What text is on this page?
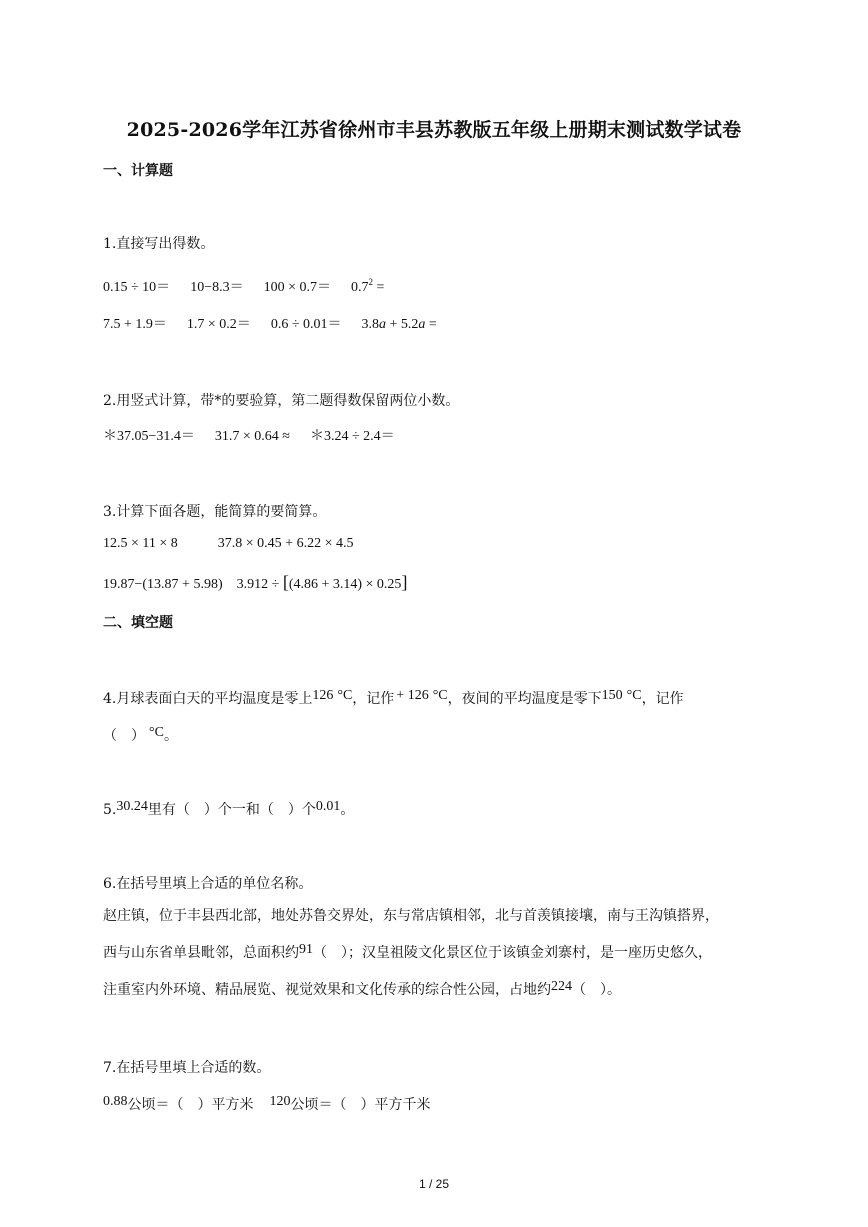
2025-2026学年江苏省徐州市丰县苏教版五年级上册期末测试数学试卷
一、计算题
1.直接写出得数。
$0.15 \div 10= 10-8.3= 100 \times 0.7= 0.7^2$ =
7.5 + 1.9＝ 1.7 × 0.2＝ 0.6 ÷ 0.01＝ 3.8a + 5.2a =
2.用竖式计算，带*的要验算，第二题得数保留两位小数。
＊37.05−31.4＝ 31.7 × 0.64 ≈ ＊3.24 ÷ 2.4＝
3.计算下面各题，能简算的要简算。
12.5 × 11 × 8	37.8 × 0.45 + 6.22 × 4.5
19.87−(13.87 + 5.98) 3.912 ÷ [(4.86 + 3.14) × 0.25]
二、填空题
4.月球表面白天的平均温度是零上126 °C，记作 + 126 °C，夜间的平均温度是零下150 °C，记作
（　） °C。
5.30.24里有（　）个一和（　）个0.01。
6.在括号里填上合适的单位名称。
赵庄镇，位于丰县西北部，地处苏鲁交界处，东与常店镇相邻，北与首羡镇接壤，南与王沟镇搭界，
西与山东省单县毗邻，总面积约91（　）；汉皇祖陵文化景区位于该镇金刘寨村，是一座历史悠久，
注重室内外环境、精品展览、视觉效果和文化传承的综合性公园，占地约224（　）。
7.在括号里填上合适的数。
0.88公顷＝（　）平方米 120公顷＝（　）平方千米
1 / 25
